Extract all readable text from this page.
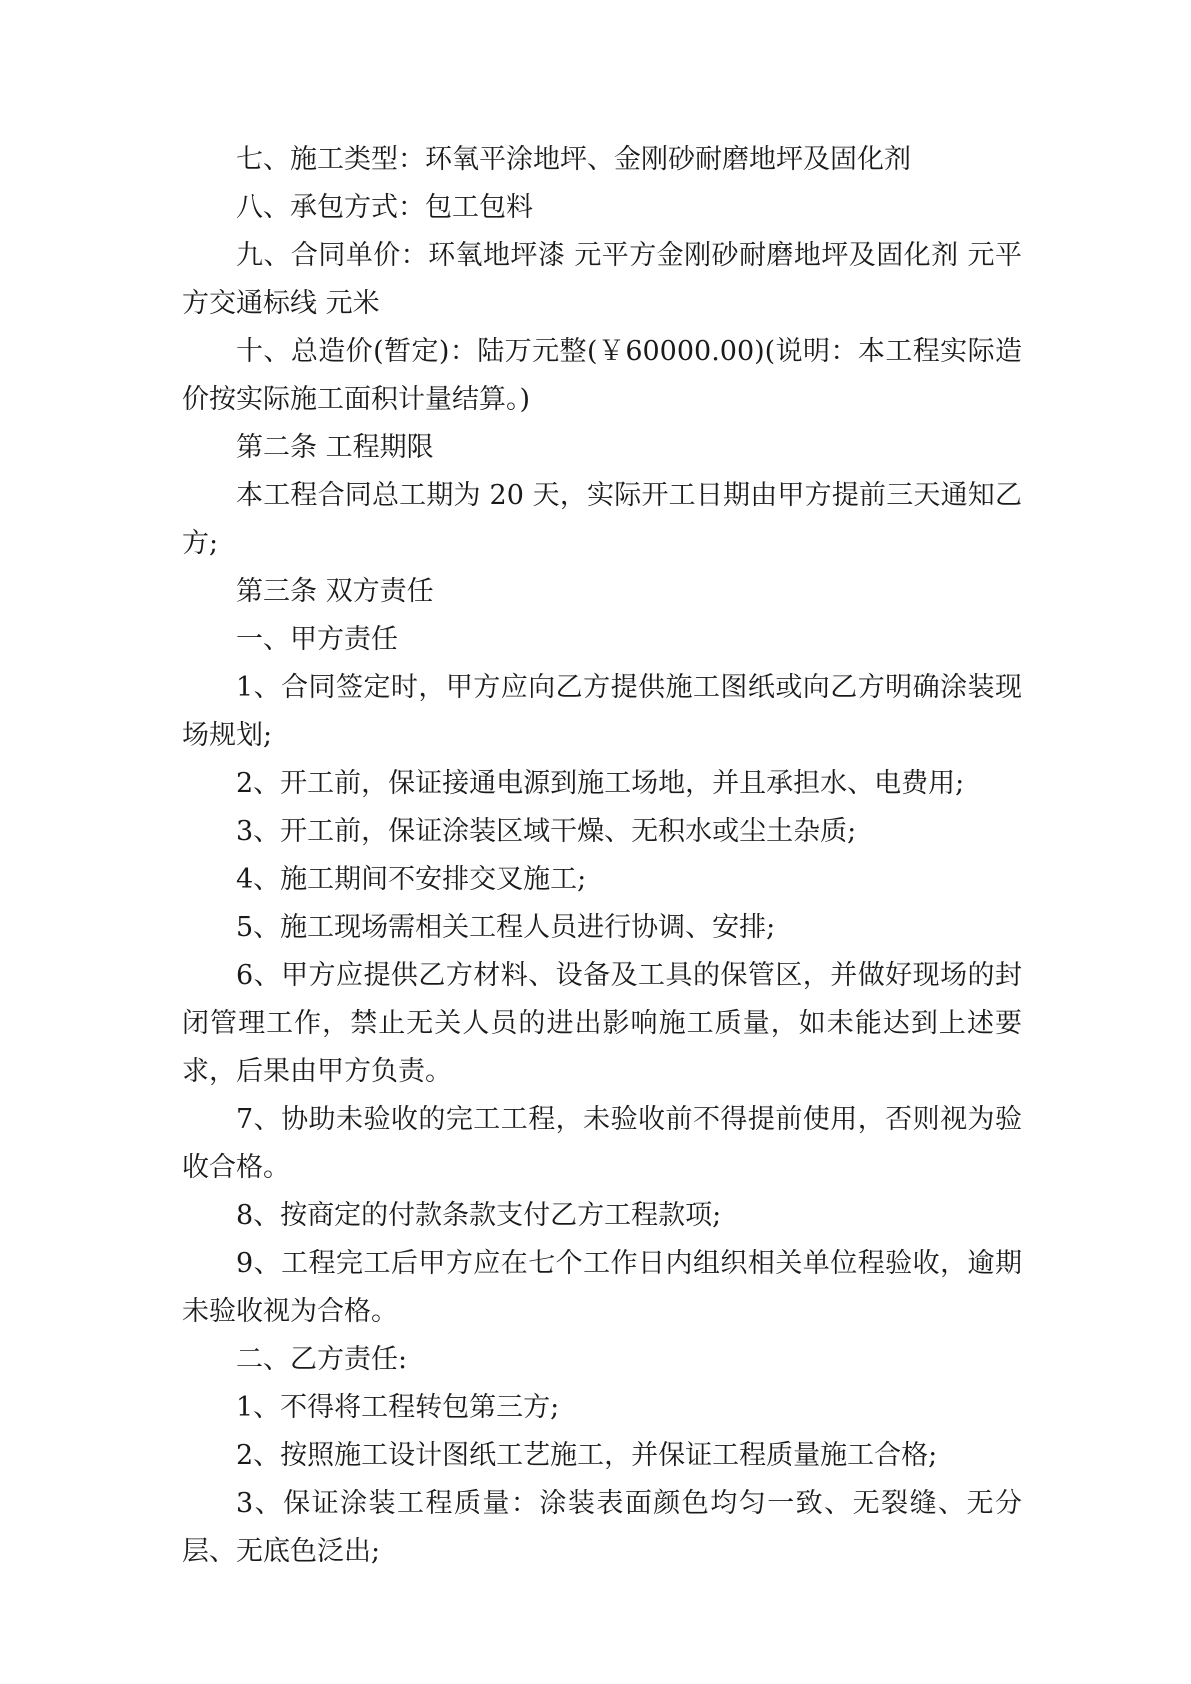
七、施工类型：环氧平涂地坪、金刚砂耐磨地坪及固化剂

八、承包方式：包工包料

九、合同单价：环氧地坪漆 元平方金刚砂耐磨地坪及固化剂 元平方交通标线 元米

十、总造价(暂定)：陆万元整(￥60000.00)(说明：本工程实际造价按实际施工面积计量结算。)

第二条 工程期限

本工程合同总工期为 20 天，实际开工日期由甲方提前三天通知乙方;

第三条 双方责任

一、甲方责任

1、合同签定时，甲方应向乙方提供施工图纸或向乙方明确涂装现场规划;

2、开工前，保证接通电源到施工场地，并且承担水、电费用;

3、开工前，保证涂装区域干燥、无积水或尘土杂质;

4、施工期间不安排交叉施工;

5、施工现场需相关工程人员进行协调、安排;

6、甲方应提供乙方材料、设备及工具的保管区，并做好现场的封闭管理工作，禁止无关人员的进出影响施工质量，如未能达到上述要求，后果由甲方负责。

7、协助未验收的完工工程，未验收前不得提前使用，否则视为验收合格。

8、按商定的付款条款支付乙方工程款项;

9、工程完工后甲方应在七个工作日内组织相关单位程验收，逾期未验收视为合格。

二、乙方责任:

1、不得将工程转包第三方;

2、按照施工设计图纸工艺施工，并保证工程质量施工合格;

3、保证涂装工程质量：涂装表面颜色均匀一致、无裂缝、无分层、无底色泛出;
